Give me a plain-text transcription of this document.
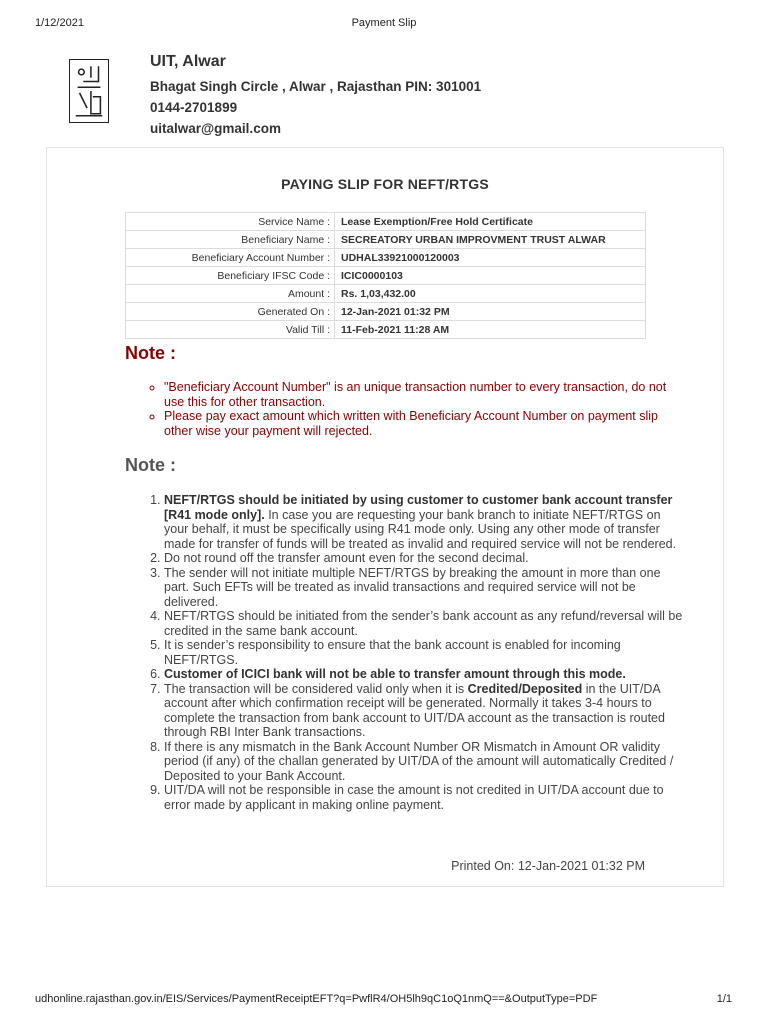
1/12/2021	Payment Slip
UIT, Alwar
Bhagat Singh Circle , Alwar , Rajasthan PIN: 301001
0144-2701899
uitalwar@gmail.com
PAYING SLIP FOR NEFT/RTGS
Service Name :	Lease Exemption/Free Hold Certificate
Beneficiary Name :	SECREATORY URBAN IMPROVMENT TRUST ALWAR
Beneficiary Account Number :	UDHAL33921000120003
Beneficiary IFSC Code :	ICIC0000103
Amount :	Rs. 1,03,432.00
Generated On :	12-Jan-2021 01:32 PM
Valid Till :	11-Feb-2021 11:28 AM
Note :
◦ "Beneficiary Account Number" is an unique transaction number to every transaction, do not use this for other transaction.
◦ Please pay exact amount which written with Beneficiary Account Number on payment slip other wise your payment will rejected.
Note :
1. NEFT/RTGS should be initiated by using customer to customer bank account transfer [R41 mode only]. In case you are requesting your bank branch to initiate NEFT/RTGS on your behalf, it must be specifically using R41 mode only. Using any other mode of transfer made for transfer of funds will be treated as invalid and required service will not be rendered.
2. Do not round off the transfer amount even for the second decimal.
3. The sender will not initiate multiple NEFT/RTGS by breaking the amount in more than one part. Such EFTs will be treated as invalid transactions and required service will not be delivered.
4. NEFT/RTGS should be initiated from the sender’s bank account as any refund/reversal will be credited in the same bank account.
5. It is sender’s responsibility to ensure that the bank account is enabled for incoming NEFT/RTGS.
6. Customer of ICICI bank will not be able to transfer amount through this mode.
7. The transaction will be considered valid only when it is Credited/Deposited in the UIT/DA account after which confirmation receipt will be generated. Normally it takes 3-4 hours to complete the transaction from bank account to UIT/DA account as the transaction is routed through RBI Inter Bank transactions.
8. If there is any mismatch in the Bank Account Number OR Mismatch in Amount OR validity period (if any) of the challan generated by UIT/DA of the amount will automatically Credited / Deposited to your Bank Account.
9. UIT/DA will not be responsible in case the amount is not credited in UIT/DA account due to error made by applicant in making online payment.
Printed On: 12-Jan-2021 01:32 PM
udhonline.rajasthan.gov.in/EIS/Services/PaymentReceiptEFT?q=PwflR4/OH5lh9qC1oQ1nmQ==&OutputType=PDF	1/1
